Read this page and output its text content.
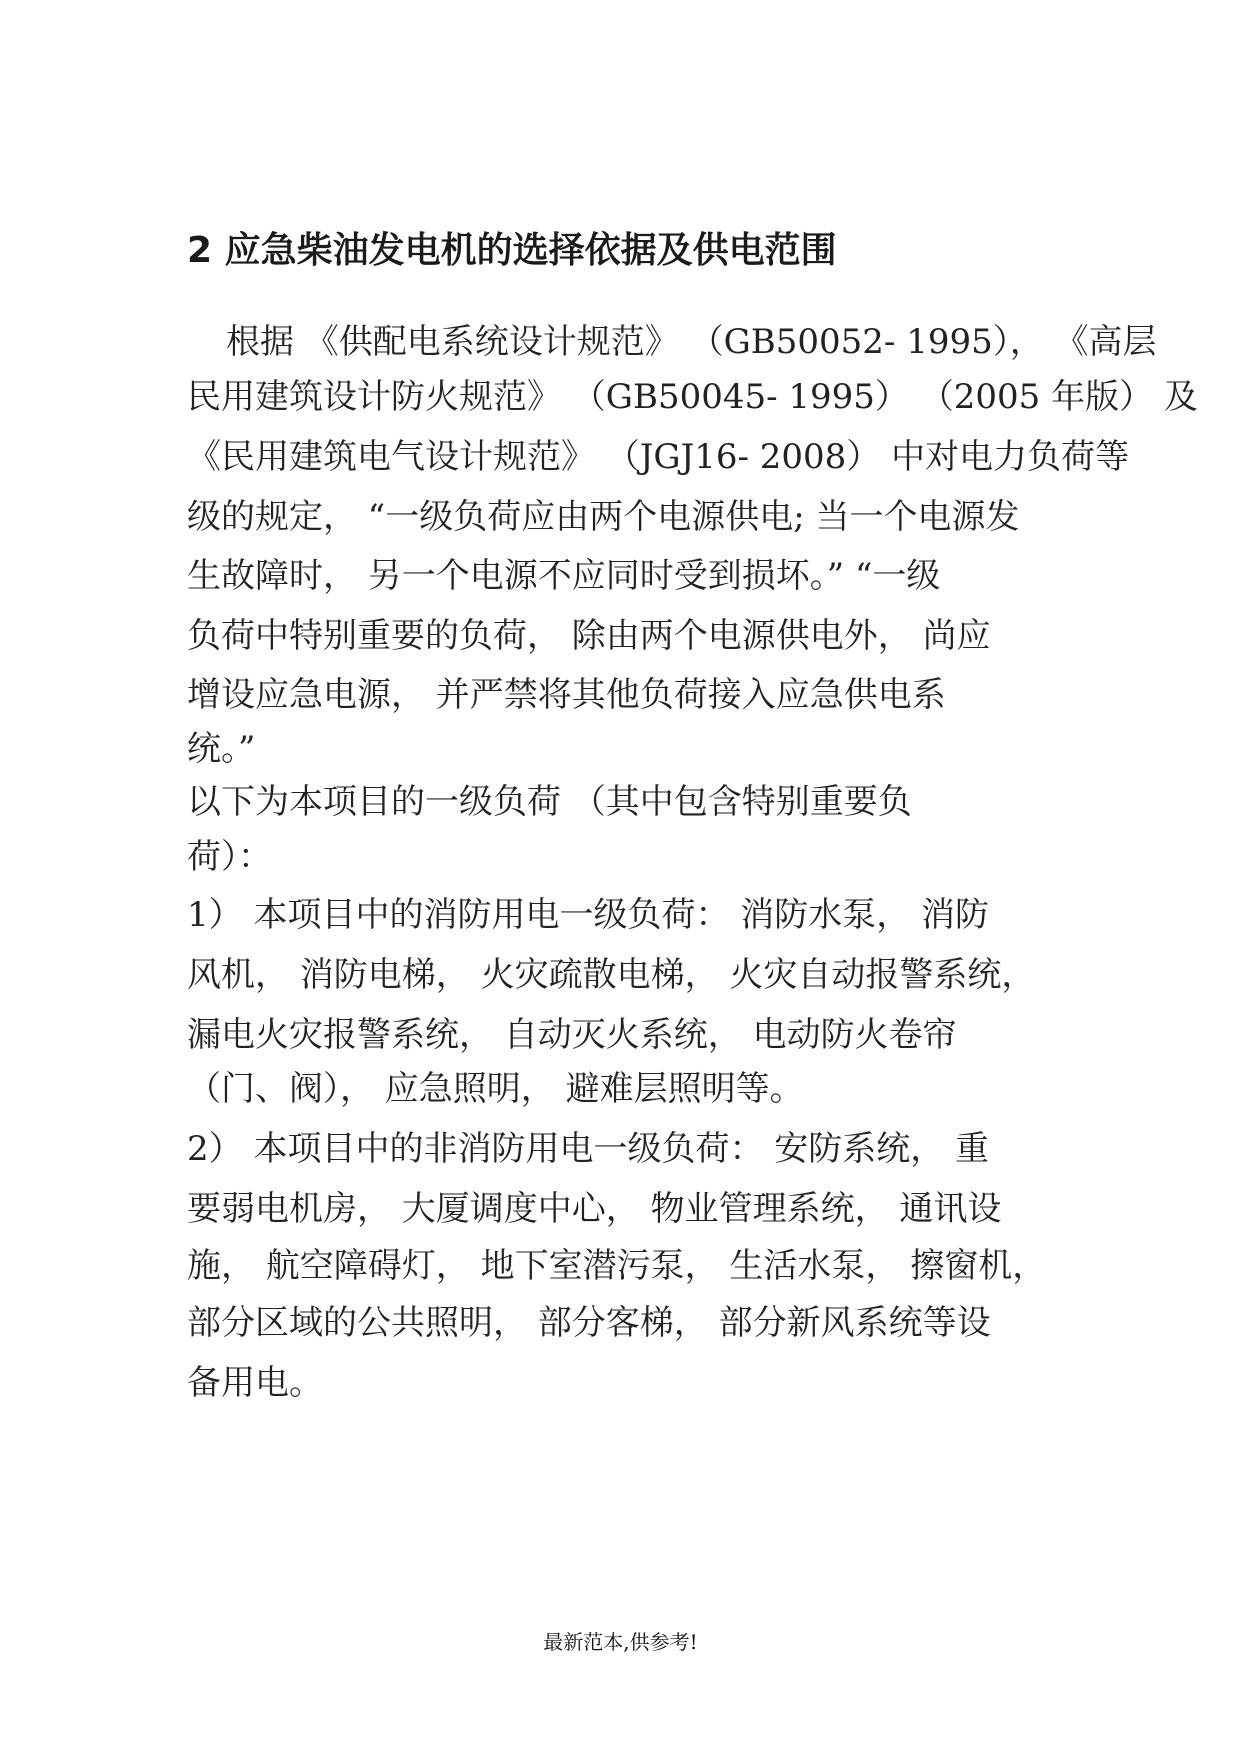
2 应急柴油发电机的选择依据及供电范围

根据 《供配电系统设计规范》 （GB50052- 1995）， 《高层

民用建筑设计防火规范》 （GB50045- 1995） （2005 年版） 及

《民用建筑电气设计规范》 （JGJ16- 2008） 中对电力负荷等

级的规定， “一级负荷应由两个电源供电; 当一个电源发

生故障时， 另一个电源不应同时受到损坏。” “一级

负荷中特别重要的负荷， 除由两个电源供电外， 尚应

增设应急电源， 并严禁将其他负荷接入应急供电系

统。”

以下为本项目的一级负荷 （其中包含特别重要负

荷）：

1） 本项目中的消防用电一级负荷： 消防水泵， 消防

风机， 消防电梯， 火灾疏散电梯， 火灾自动报警系统，

漏电火灾报警系统， 自动灭火系统， 电动防火卷帘

（门、阀）， 应急照明， 避难层照明等。

2） 本项目中的非消防用电一级负荷： 安防系统， 重

要弱电机房， 大厦调度中心， 物业管理系统， 通讯设

施， 航空障碍灯， 地下室潜污泵， 生活水泵， 擦窗机，

部分区域的公共照明， 部分客梯， 部分新风系统等设

备用电。

最新范本,供参考!
